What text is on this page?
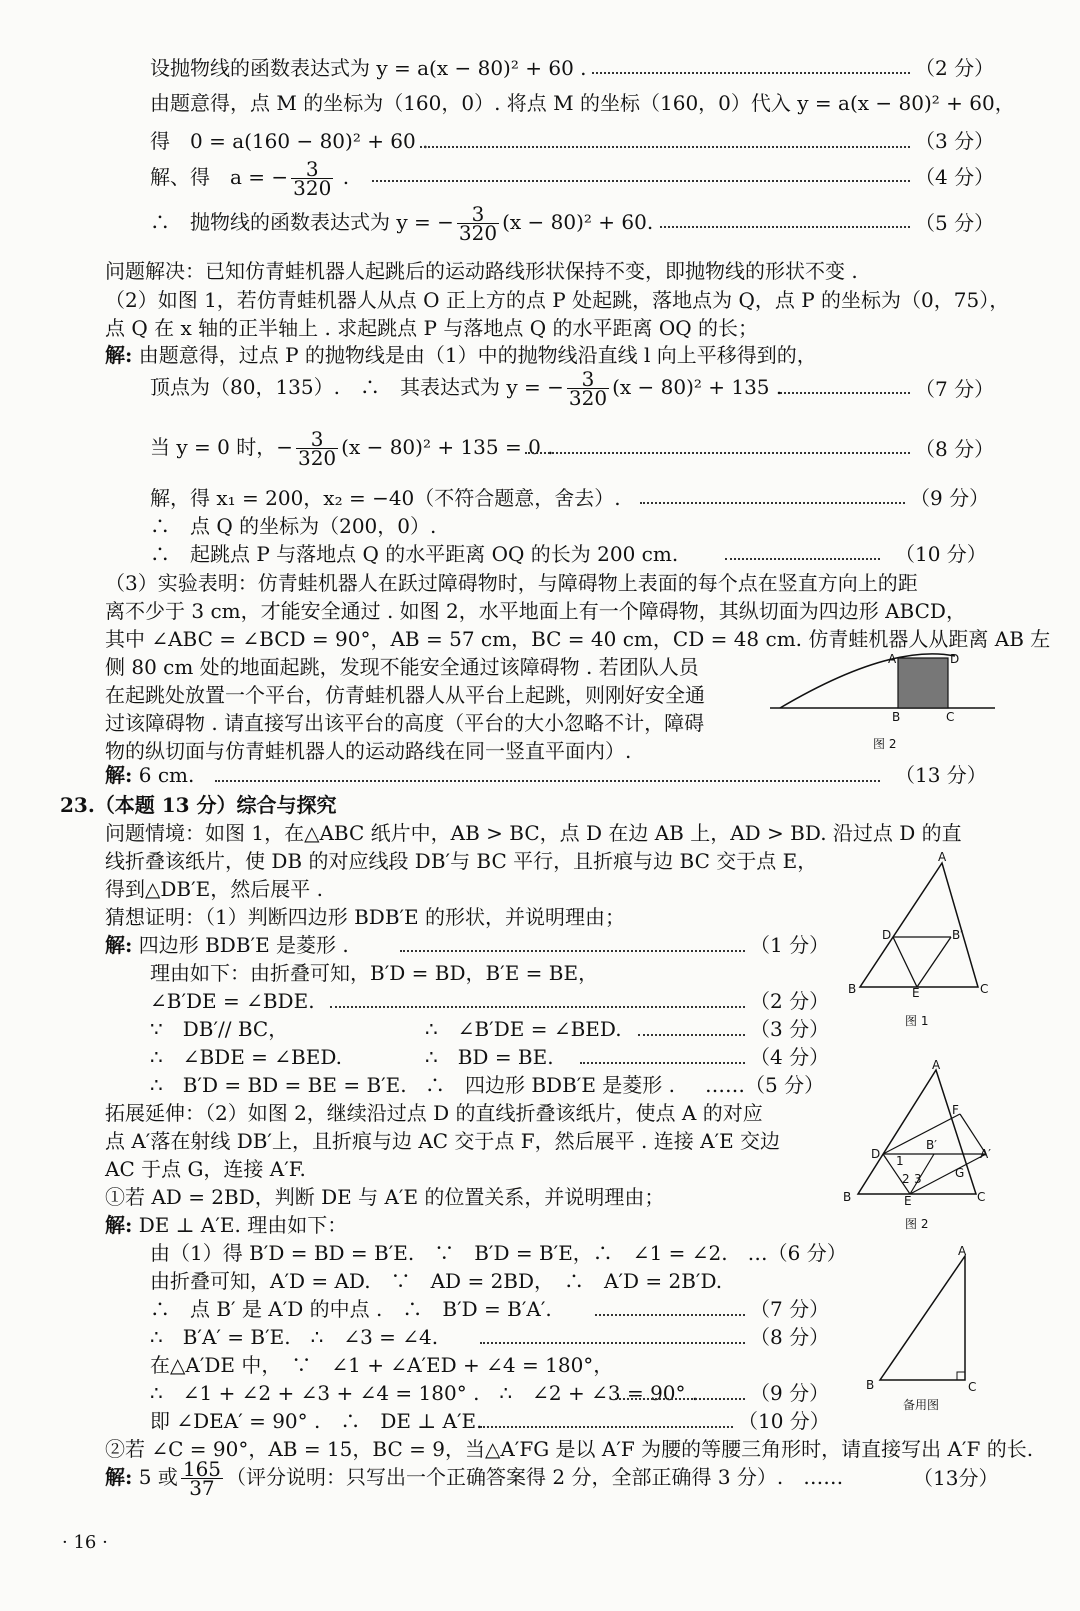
设抛物线的函数表达式为 y = a(x − 80)² + 60 .	（2 分）
由题意得，点 M 的坐标为（160，0）. 将点 M 的坐标（160，0）代入 y = a(x − 80)² + 60，
得　0 = a(160 − 80)² + 60 .	（3 分）
解、得　a = − $\frac{3}{320}$ .	（4 分）
∴　抛物线的函数表达式为 y = − $\frac{3}{320} (x - 80)^2 + 60$.	（5 分）
问题解决：已知仿青蛙机器人起跳后的运动路线形状保持不变，即抛物线的形状不变 .
（2）如图 1，若仿青蛙机器人从点 O 正上方的点 P 处起跳，落地点为 Q，点 P 的坐标为（0，75），
点 Q 在 x 轴的正半轴上 . 求起跳点 P 与落地点 Q 的水平距离 OQ 的长；
解: 由题意得，过点 P 的抛物线是由（1）中的抛物线沿直线 l 向上平移得到的，
顶点为（80，135）.　∴　其表达式为 y = − $\frac{3}{320} (x - 80)^2 + 135$ .	（7 分）
当 y = 0 时，− $\frac{3}{320} (x - 80)^2 + 135 = 0$ .	（8 分）
解，得 x₁ = 200，x₂ = −40（不符合题意，舍去）.	（9 分）
∴　点 Q 的坐标为（200，0）.
∴　起跳点 P 与落地点 Q 的水平距离 OQ 的长为 200 cm.	（10 分）
（3）实验表明：仿青蛙机器人在跃过障碍物时，与障碍物上表面的每个点在竖直方向上的距
离不少于 3 cm，才能安全通过 . 如图 2，水平地面上有一个障碍物，其纵切面为四边形 ABCD，
其中 ∠ABC = ∠BCD = 90°，AB = 57 cm，BC = 40 cm，CD = 48 cm. 仿青蛙机器人从距离 AB 左
侧 80 cm 处的地面起跳，发现不能安全通过该障碍物 . 若团队人员
在起跳处放置一个平台，仿青蛙机器人从平台上起跳，则刚好安全通
过该障碍物 . 请直接写出该平台的高度（平台的大小忽略不计，障碍
物的纵切面与仿青蛙机器人的运动路线在同一竖直平面内）.
A	D
B	C
图 2
解: 6 cm.	（13 分）
23.（本题 13 分）综合与探究
问题情境：如图 1，在△ABC 纸片中，AB > BC，点 D 在边 AB 上，AD > BD. 沿过点 D 的直
线折叠该纸片，使 DB 的对应线段 DB′与 BC 平行，且折痕与边 BC 交于点 E，
得到△DB′E，然后展平 .
猜想证明：（1）判断四边形 BDB′E 的形状，并说明理由；
解: 四边形 BDB′E 是菱形 .	（1 分）
理由如下：由折叠可知，B′D = BD，B′E = BE，
∠B′DE = ∠BDE.	（2 分）
∵　DB′// BC，	∴　∠B′DE = ∠BED.	（3 分）
∴　∠BDE = ∠BED.	∴　BD = BE.	（4 分）
∴　B′D = BD = BE = B′E. ∴　四边形 BDB′E 是菱形 . ……（5 分）
拓展延伸：（2）如图 2，继续沿过点 D 的直线折叠该纸片，使点 A 的对应
点 A′落在射线 DB′上，且折痕与边 AC 交于点 F，然后展平 . 连接 A′E 交边
AC 于点 G，连接 A′F.
①若 AD = 2BD，判断 DE 与 A′E 的位置关系，并说明理由；
解: DE ⊥ A′E. 理由如下：
由（1）得 B′D = BD = B′E.　∵　B′D = B′E，∴　∠1 = ∠2.　…（6 分）
由折叠可知，A′D = AD.　∵　AD = 2BD，　∴　A′D = 2B′D.
∴　点 B′ 是 A′D 的中点 .　∴　B′D = B′A′.	（7 分）
∴　B′A′ = B′E.　∴　∠3 = ∠4.	（8 分）
在△A′DE 中，　∵　∠1 + ∠A′ED + ∠4 = 180°，
∴　∠1 + ∠2 + ∠3 + ∠4 = 180° .　∴　∠2 + ∠3 = 90° .	（9 分）
即 ∠DEA′ = 90° .　∴　DE ⊥ A′E.	（10 分）
②若 ∠C = 90°，AB = 15，BC = 9，当△A′FG 是以 A′F 为腰的等腰三角形时，请直接写出 A′F 的长.
解: 5 或 $\frac{165}{37}$ （评分说明：只写出一个正确答案得 2 分，全部正确得 3 分）.　……	（13分）
· 16 ·
A
D	B′
B	E	C
图 1
A
F
D
B′
A′
1
2 3	G
B	E	C
图 2
A
B	C
备用图
